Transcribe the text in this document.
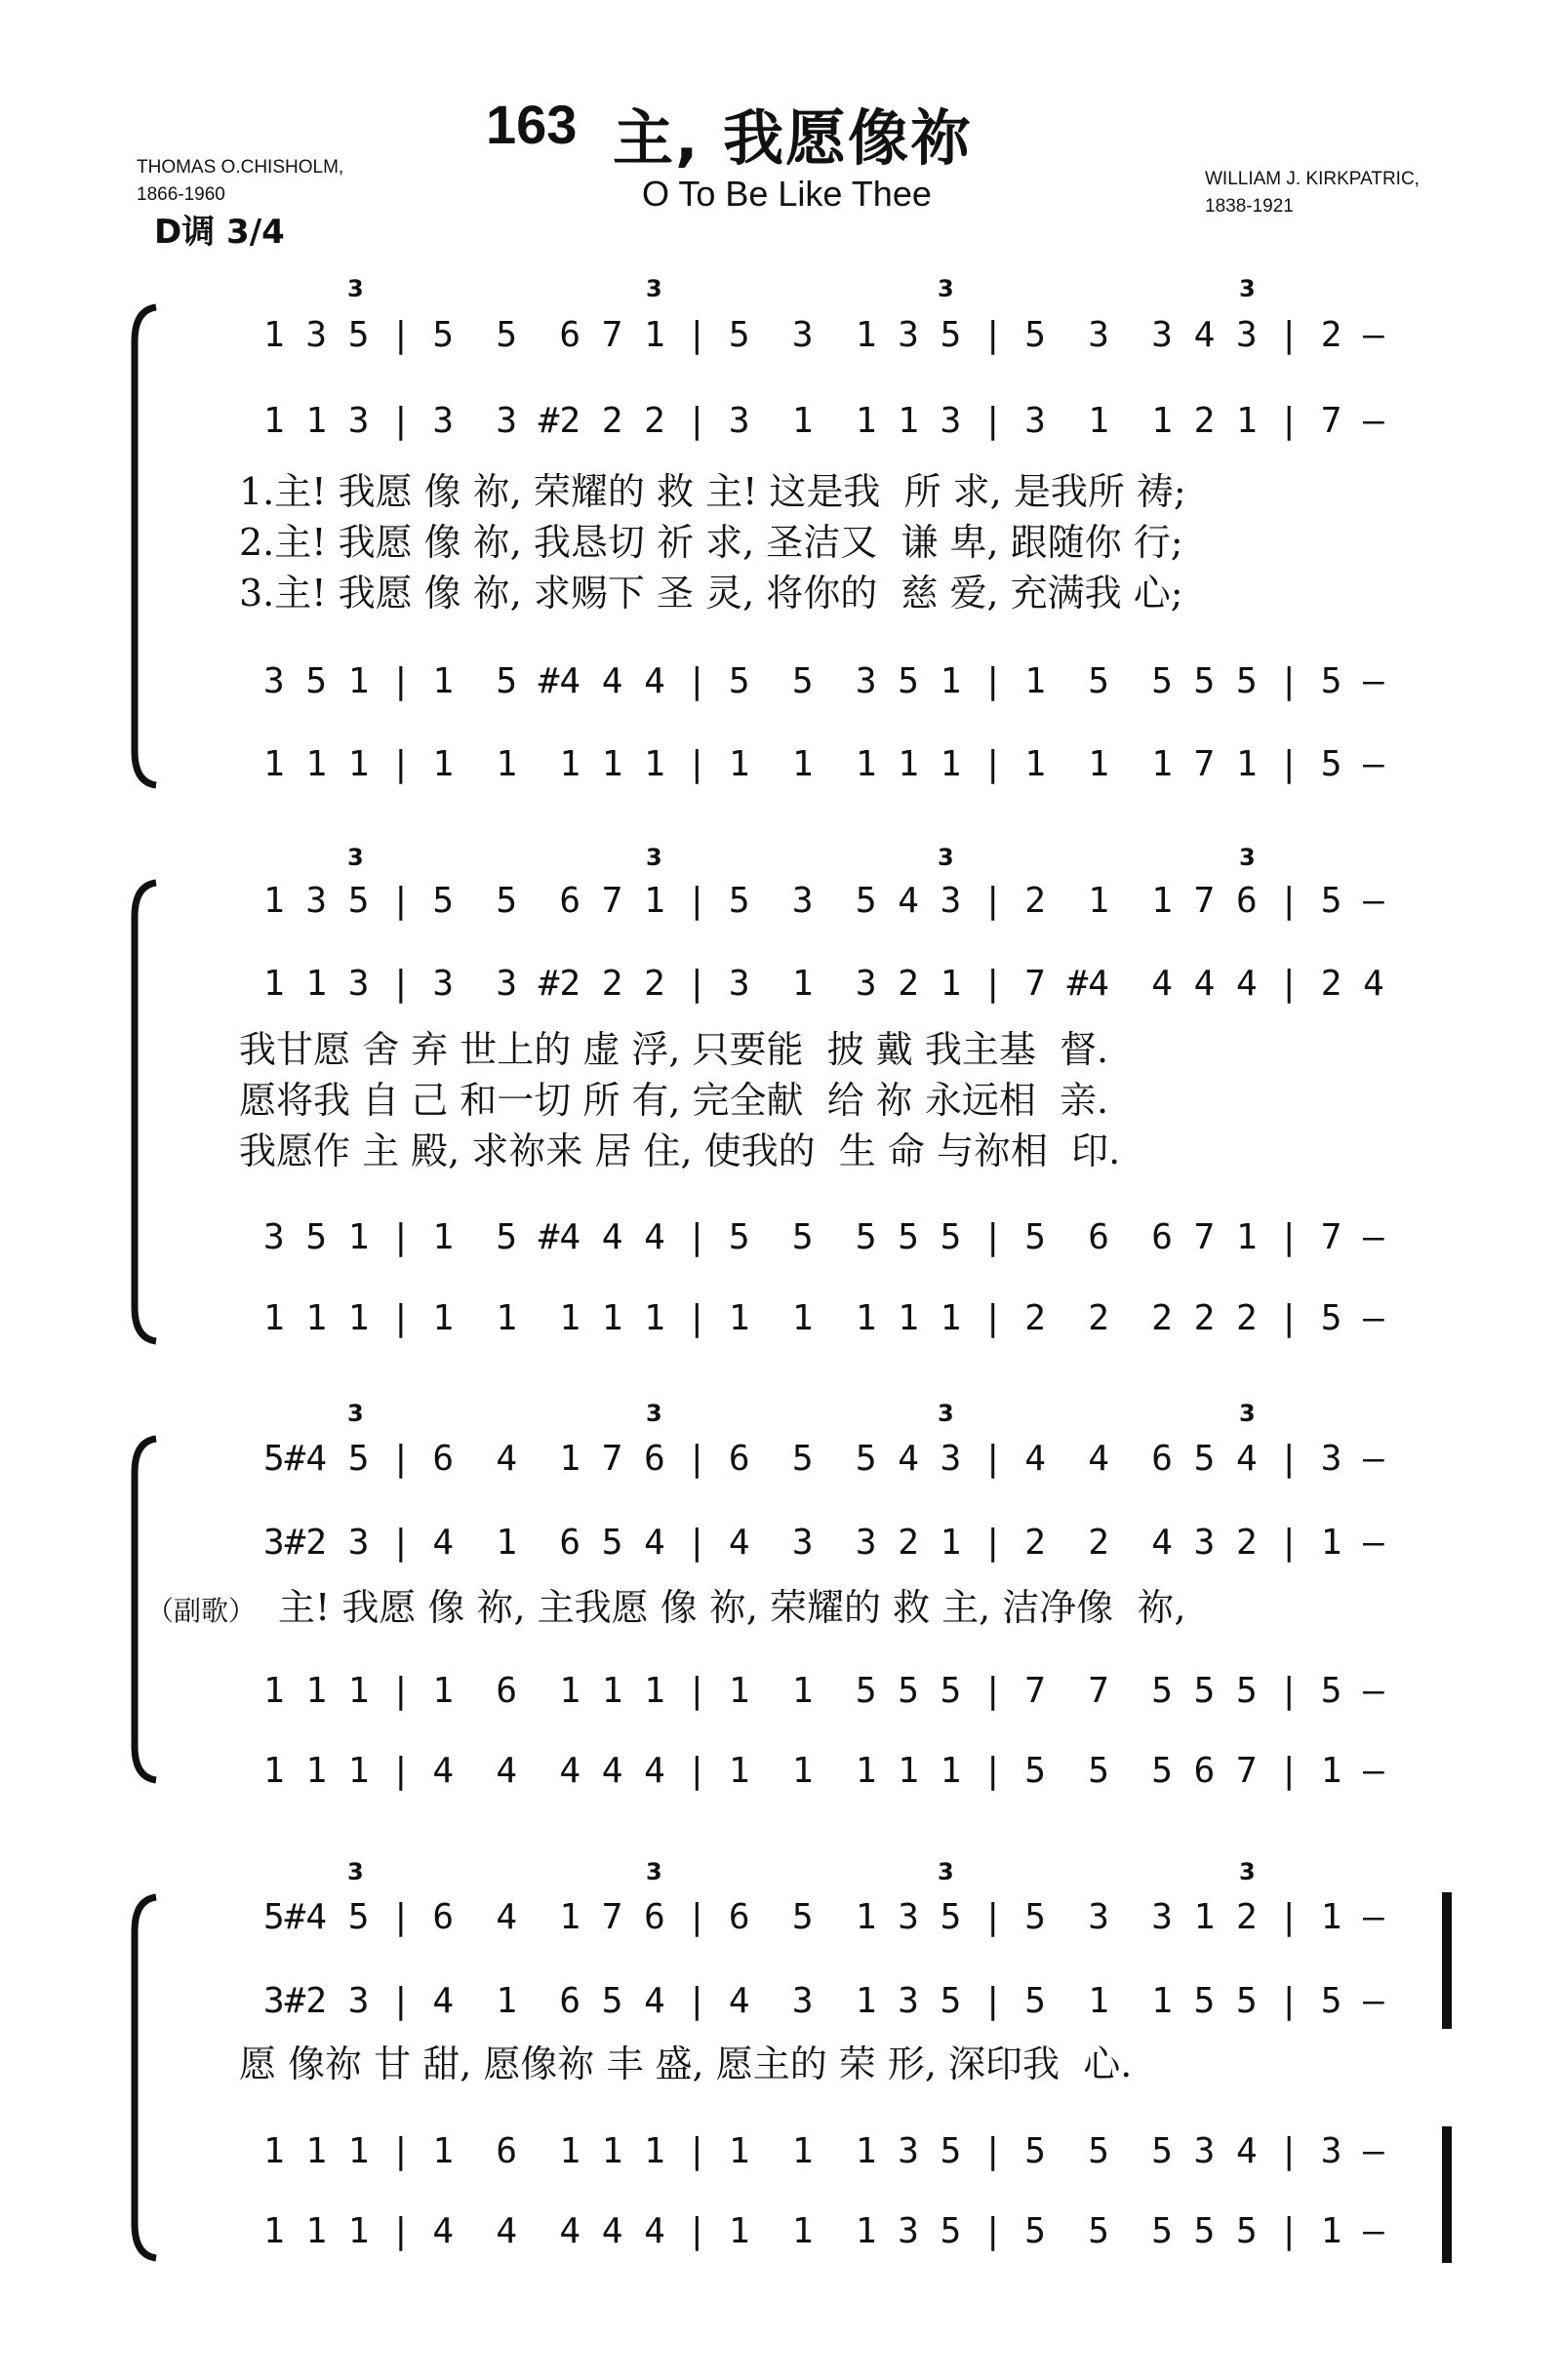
163 主, 我愿像祢
O To Be Like Thee
THOMAS O.CHISHOLM,
1866-1960
WILLIAM J. KIRKPATRIC,
1838-1921
D调 3/4
1 3 5 | 5  5  6 7 1 | 5  3  1 3 5 | 5  3  3 4 3 | 2 —
1 1 3 | 3  3 #2 2 2 | 3  1  1 1 3 | 3  1  1 2 1 | 7 —
1.主! 我愿 像 祢, 荣耀的 救 主! 这是我  所 求, 是我所 祷;
2.主! 我愿 像 祢, 我恳切 祈 求, 圣洁又  谦 卑, 跟随你 行;
3.主! 我愿 像 祢, 求赐下 圣 灵, 将你的  慈 爱, 充满我 心;
3 5 1 | 1  5 #4 4 4 | 5  5  3 5 1 | 1  5  5 5 5 | 5 —
1 1 1 | 1  1  1 1 1 | 1  1  1 1 1 | 1  1  1 7 1 | 5 —
1 3 5 | 5  5  6 7 1 | 5  3  5 4 3 | 2  1  1 7 6 | 5 —
1 1 3 | 3  3 #2 2 2 | 3  1  3 2 1 | 7 #4  4 4 4 | 2 4
我甘愿 舍 弃 世上的 虚 浮, 只要能  披 戴 我主基  督.
愿将我 自 己 和一切 所 有, 完全献  给 祢 永远相  亲.
我愿作 主 殿, 求祢来 居 住, 使我的  生 命 与祢相  印.
3 5 1 | 1  5 #4 4 4 | 5  5  5 5 5 | 5  6  6 7 1 | 7 —
1 1 1 | 1  1  1 1 1 | 1  1  1 1 1 | 2  2  2 2 2 | 5 —
5#4 5 | 6  4  1 7 6 | 6  5  5 4 3 | 4  4  6 5 4 | 3 —
3#2 3 | 4  1  6 5 4 | 4  3  3 2 1 | 2  2  4 3 2 | 1 —
（副歌） 主! 我愿 像 祢, 主我愿 像 祢, 荣耀的 救 主, 洁净像  祢,
1 1 1 | 1  6  1 1 1 | 1  1  5 5 5 | 7  7  5 5 5 | 5 —
1 1 1 | 4  4  4 4 4 | 1  1  1 1 1 | 5  5  5 6 7 | 1 —
5#4 5 | 6  4  1 7 6 | 6  5  1 3 5 | 5  3  3 1 2 | 1 —
3#2 3 | 4  1  6 5 4 | 4  3  1 3 5 | 5  1  1 5 5 | 5 —
愿 像祢 甘 甜, 愿像祢 丰 盛, 愿主的 荣 形, 深印我  心.
1 1 1 | 1  6  1 1 1 | 1  1  1 3 5 | 5  5  5 3 4 | 3 —
1 1 1 | 4  4  4 4 4 | 1  1  1 3 5 | 5  5  5 5 5 | 1 —
3	3	3	3
3	3	3	3
3	3	3	3
3	3	3	3
